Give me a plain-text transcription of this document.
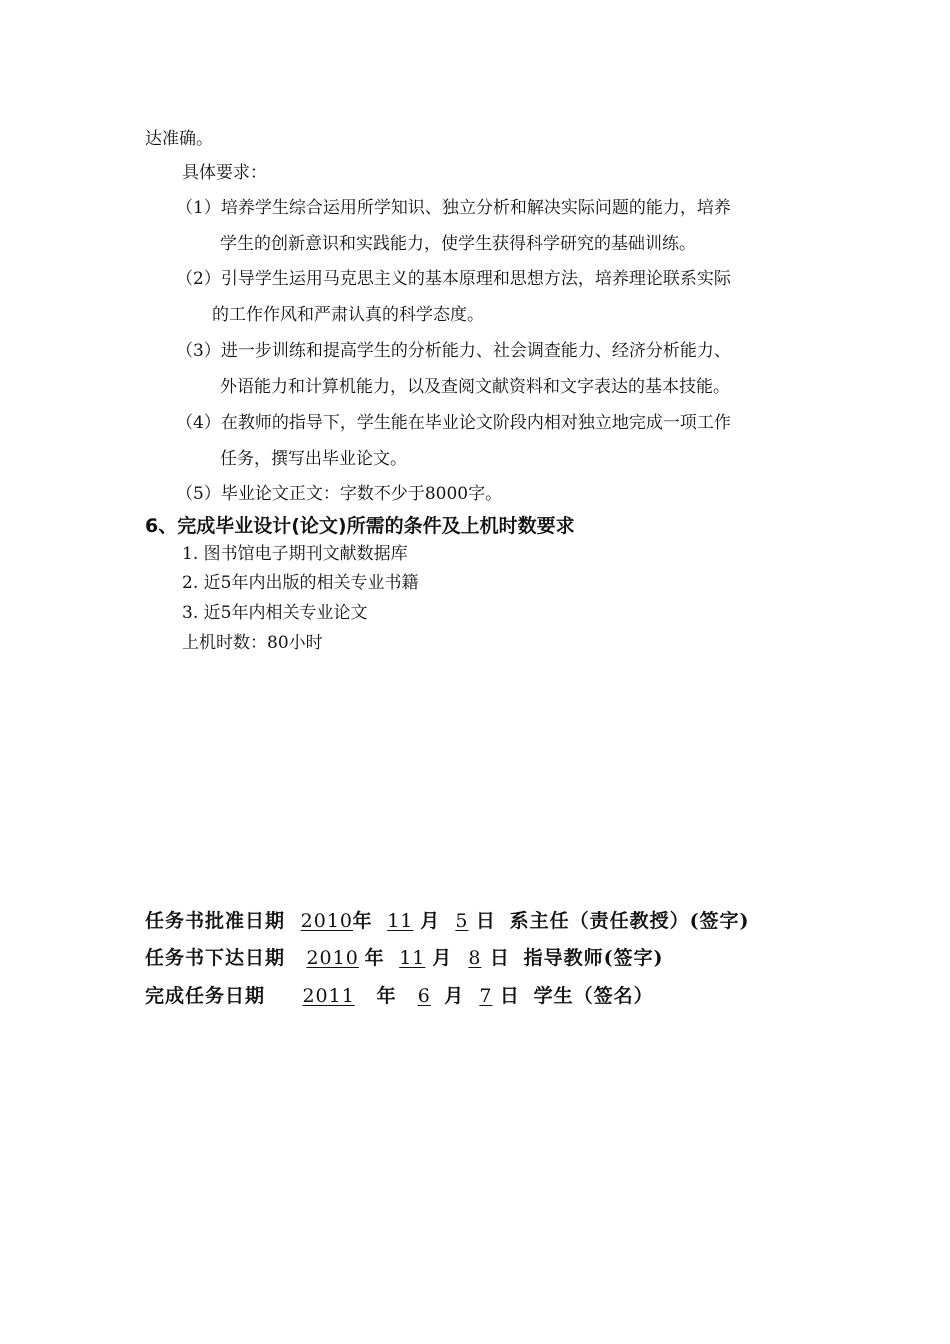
达准确。
具体要求：
（1）培养学生综合运用所学知识、独立分析和解决实际问题的能力，培养
学生的创新意识和实践能力，使学生获得科学研究的基础训练。
（2）引导学生运用马克思主义的基本原理和思想方法，培养理论联系实际
的工作作风和严肃认真的科学态度。
（3）进一步训练和提高学生的分析能力、社会调查能力、经济分析能力、
外语能力和计算机能力，以及查阅文献资料和文字表达的基本技能。
（4）在教师的指导下，学生能在毕业论文阶段内相对独立地完成一项工作
任务，撰写出毕业论文。
（5）毕业论文正文：字数不少于8000字。
6、完成毕业设计(论文)所需的条件及上机时数要求
1. 图书馆电子期刊文献数据库
2. 近5年内出版的相关专业书籍
3. 近5年内相关专业论文
上机时数：80小时
任务书批准日期 2010年 11 月 5 日 系主任（责任教授）(签字)
任务书下达日期 2010 年 11 月 8 日 指导教师(签字)
完成任务日期 2011 年 6 月 7 日 学生（签名）
